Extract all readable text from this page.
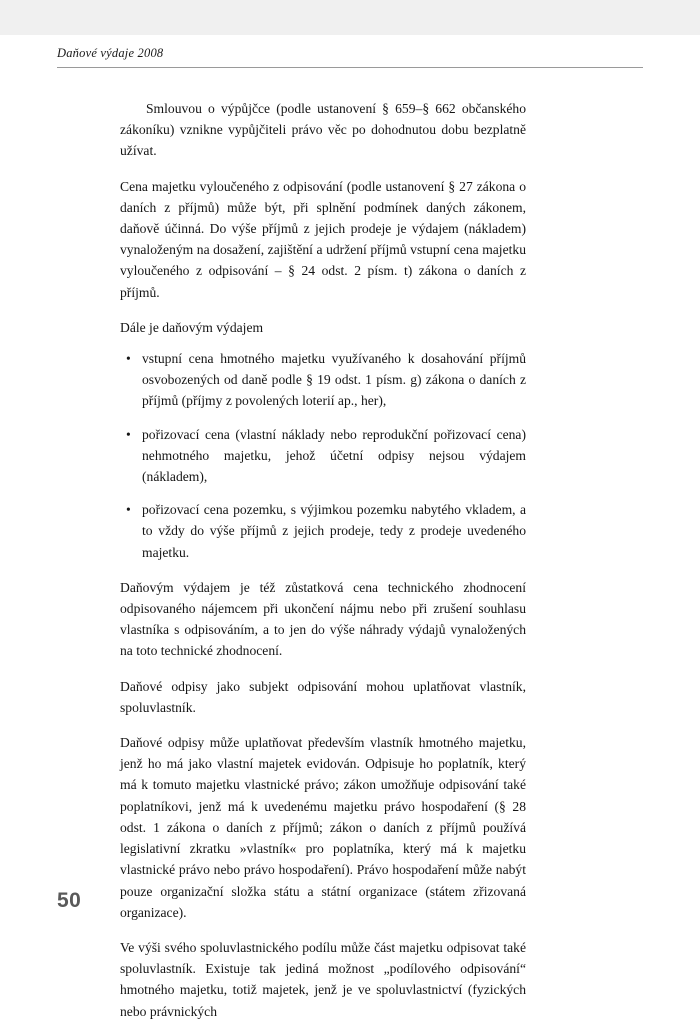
Daňové výdaje 2008

Smlouvou o výpůjčce (podle ustanovení § 659–§ 662 občanského zákoníku) vznikne vypůjčiteli právo věc po dohodnutou dobu bezplatně užívat.

Cena majetku vyloučeného z odpisování (podle ustanovení § 27 zákona o daních z příjmů) může být, při splnění podmínek daných zákonem, daňově účinná. Do výše příjmů z jejich prodeje je výdajem (nákladem) vynaloženým na dosažení, zajištění a udržení příjmů vstupní cena majetku vyloučeného z odpisování – § 24 odst. 2 písm. t) zákona o daních z příjmů.

Dále je daňovým výdajem

• vstupní cena hmotného majetku využívaného k dosahování příjmů osvobozených od daně podle § 19 odst. 1 písm. g) zákona o daních z příjmů (příjmy z povolených loterií ap., her),
• pořizovací cena (vlastní náklady nebo reprodukční pořizovací cena) nehmotného majetku, jehož účetní odpisy nejsou výdajem (nákladem),
• pořizovací cena pozemku, s výjimkou pozemku nabytého vkladem, a to vždy do výše příjmů z jejich prodeje, tedy z prodeje uvedeného majetku.

Daňovým výdajem je též zůstatková cena technického zhodnocení odpisovaného nájemcem při ukončení nájmu nebo při zrušení souhlasu vlastníka s odpisováním, a to jen do výše náhrady výdajů vynaložených na toto technické zhodnocení.

Daňové odpisy jako subjekt odpisování mohou uplatňovat vlastník, spoluvlastník.

Daňové odpisy může uplatňovat především vlastník hmotného majetku, jenž ho má jako vlastní majetek evidován. Odpisuje ho poplatník, který má k tomuto majetku vlastnické právo; zákon umožňuje odpisování také poplatníkovi, jenž má k uvedenému majetku právo hospodaření (§ 28 odst. 1 zákona o daních z příjmů; zákon o daních z příjmů používá legislativní zkratku »vlastník« pro poplatníka, který má k majetku vlastnické právo nebo právo hospodaření). Právo hospodaření může nabýt pouze organizační složka státu a státní organizace (státem zřizovaná organizace).

Ve výši svého spoluvlastnického podílu může část majetku odpisovat také spoluvlastník. Existuje tak jediná možnost „podílového odpisování“ hmotného majetku, totiž majetek, jenž je ve spoluvlastnictví (fyzických nebo právnických

50
